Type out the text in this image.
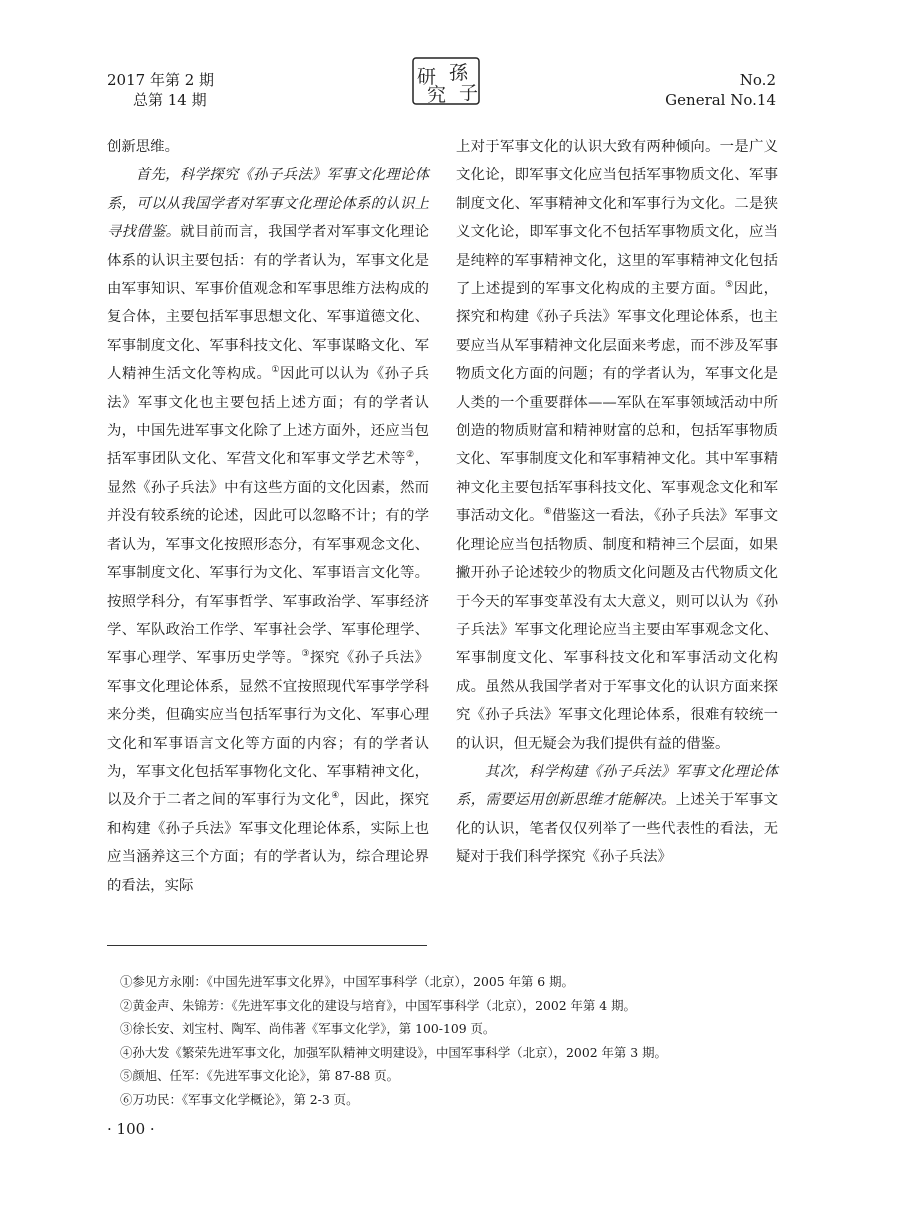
2017 年第 2 期
总第 14 期
孫
子
研
究
No.2
General No.14

创新思维。

首先，科学探究《孙子兵法》军事文化理论体系，可以从我国学者对军事文化理论体系的认识上寻找借鉴。就目前而言，我国学者对军事文化理论体系的认识主要包括：有的学者认为，军事文化是由军事知识、军事价值观念和军事思维方法构成的复合体，主要包括军事思想文化、军事道德文化、军事制度文化、军事科技文化、军事谋略文化、军人精神生活文化等构成。①因此可以认为《孙子兵法》军事文化也主要包括上述方面；有的学者认为，中国先进军事文化除了上述方面外，还应当包括军事团队文化、军营文化和军事文学艺术等②，显然《孙子兵法》中有这些方面的文化因素，然而并没有较系统的论述，因此可以忽略不计；有的学者认为，军事文化按照形态分，有军事观念文化、军事制度文化、军事行为文化、军事语言文化等。按照学科分，有军事哲学、军事政治学、军事经济学、军队政治工作学、军事社会学、军事伦理学、军事心理学、军事历史学等。③探究《孙子兵法》军事文化理论体系，显然不宜按照现代军事学学科来分类，但确实应当包括军事行为文化、军事心理文化和军事语言文化等方面的内容；有的学者认为，军事文化包括军事物化文化、军事精神文化，以及介于二者之间的军事行为文化④，因此，探究和构建《孙子兵法》军事文化理论体系，实际上也应当涵养这三个方面；有的学者认为，综合理论界的看法，实际

上对于军事文化的认识大致有两种倾向。一是广义文化论，即军事文化应当包括军事物质文化、军事制度文化、军事精神文化和军事行为文化。二是狭义文化论，即军事文化不包括军事物质文化，应当是纯粹的军事精神文化，这里的军事精神文化包括了上述提到的军事文化构成的主要方面。⑤因此，探究和构建《孙子兵法》军事文化理论体系，也主要应当从军事精神文化层面来考虑，而不涉及军事物质文化方面的问题；有的学者认为，军事文化是人类的一个重要群体——军队在军事领域活动中所创造的物质财富和精神财富的总和，包括军事物质文化、军事制度文化和军事精神文化。其中军事精神文化主要包括军事科技文化、军事观念文化和军事活动文化。⑥借鉴这一看法，《孙子兵法》军事文化理论应当包括物质、制度和精神三个层面，如果撇开孙子论述较少的物质文化问题及古代物质文化于今天的军事变革没有太大意义，则可以认为《孙子兵法》军事文化理论应当主要由军事观念文化、军事制度文化、军事科技文化和军事活动文化构成。虽然从我国学者对于军事文化的认识方面来探究《孙子兵法》军事文化理论体系，很难有较统一的认识，但无疑会为我们提供有益的借鉴。

其次，科学构建《孙子兵法》军事文化理论体系，需要运用创新思维才能解决。上述关于军事文化的认识，笔者仅仅列举了一些代表性的看法，无疑对于我们科学探究《孙子兵法》

①参见方永刚：《中国先进军事文化界》，中国军事科学（北京），2005 年第 6 期。
②黄金声、朱锦芳：《先进军事文化的建设与培育》，中国军事科学（北京），2002 年第 4 期。
③徐长安、刘宝村、陶军、尚伟著《军事文化学》，第 100-109 页。
④孙大发《繁荣先进军事文化，加强军队精神文明建设》，中国军事科学（北京），2002 年第 3 期。
⑤颜旭、任军：《先进军事文化论》，第 87-88 页。
⑥万功民：《军事文化学概论》，第 2-3 页。
· 100 ·
